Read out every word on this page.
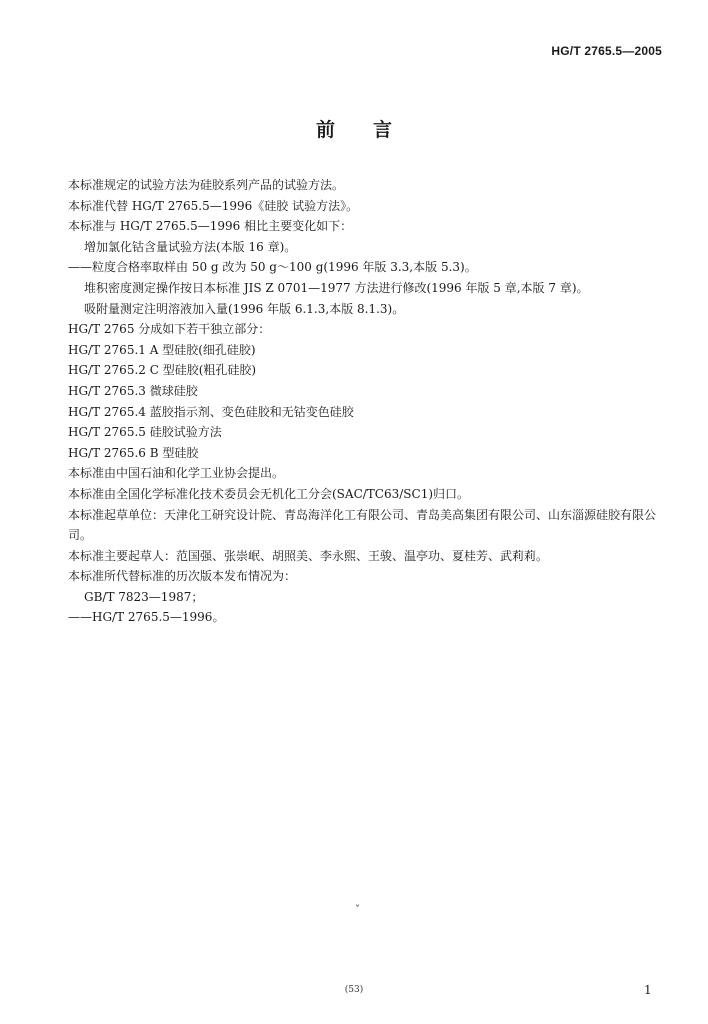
HG/T 2765.5—2005
前言
本标准规定的试验方法为硅胶系列产品的试验方法。
本标准代替 HG/T 2765.5—1996《硅胶 试验方法》。
本标准与 HG/T 2765.5—1996 相比主要变化如下：
增加氯化钴含量试验方法(本版 16 章)。
——粒度合格率取样由 50 g 改为 50 g～100 g(1996 年版 3.3,本版 5.3)。
堆积密度测定操作按日本标准 JIS Z 0701—1977 方法进行修改(1996 年版 5 章,本版 7 章)。
吸附量测定注明溶液加入量(1996 年版 6.1.3,本版 8.1.3)。
HG/T 2765 分成如下若干独立部分：
HG/T 2765.1 A 型硅胶(细孔硅胶)
HG/T 2765.2 C 型硅胶(粗孔硅胶)
HG/T 2765.3 微球硅胶
HG/T 2765.4 蓝胶指示剂、变色硅胶和无钴变色硅胶
HG/T 2765.5 硅胶试验方法
HG/T 2765.6 B 型硅胶
本标准由中国石油和化学工业协会提出。
本标准由全国化学标准化技术委员会无机化工分会(SAC/TC63/SC1)归口。
本标准起草单位：天津化工研究设计院、青岛海洋化工有限公司、青岛美高集团有限公司、山东淄源硅胶有限公司。
本标准主要起草人：范国强、张崇岷、胡照美、李永熙、王骏、温亭功、夏桂芳、武莉莉。
本标准所代替标准的历次版本发布情况为：
GB/T 7823—1987；
——HG/T 2765.5—1996。
ˇ
(53)	1
